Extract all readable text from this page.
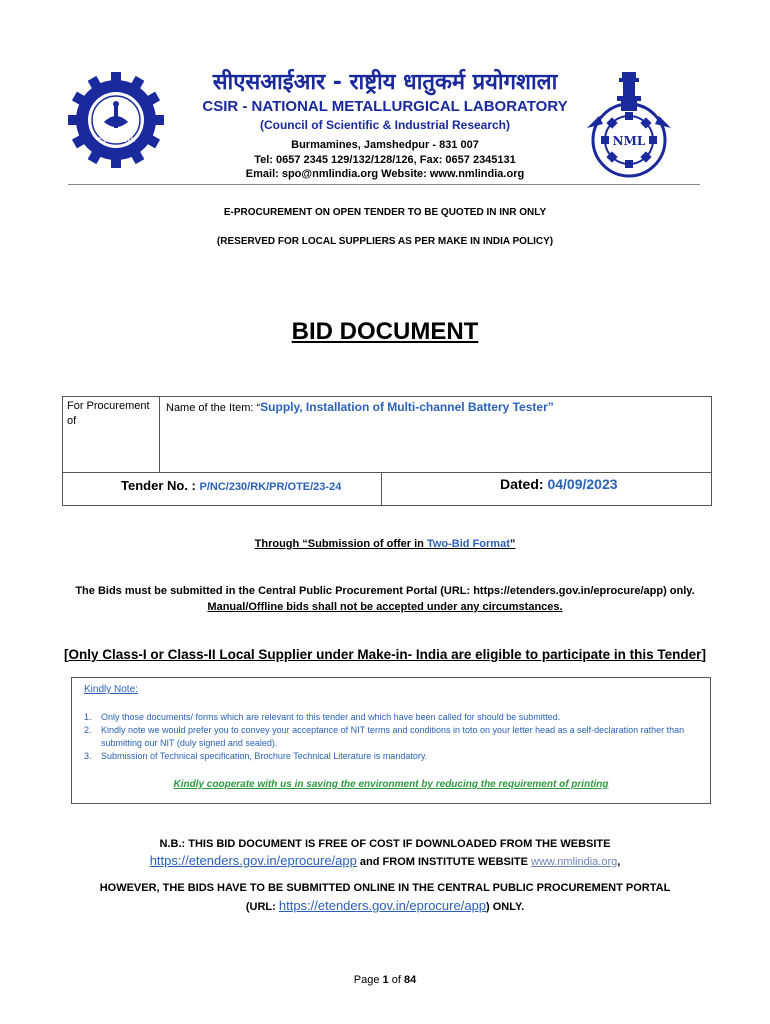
CSIR-INDIA	NML
सीएसआईआर - राष्ट्रीय धातुकर्म प्रयोगशाला
CSIR - NATIONAL METALLURGICAL LABORATORY
(Council of Scientific & Industrial Research)
Burmamines, Jamshedpur - 831 007
Tel: 0657 2345 129/132/128/126, Fax: 0657 2345131
Email: spo@nmlindia.org Website: www.nmlindia.org
E-PROCUREMENT ON OPEN TENDER TO BE QUOTED IN INR ONLY
(RESERVED FOR LOCAL SUPPLIERS AS PER MAKE IN INDIA POLICY)
BID DOCUMENT
For Procurement of
Name of the Item: “Supply, Installation of Multi-channel Battery Tester”
Tender No. : P/NC/230/RK/PR/OTE/23-24	Dated: 04/09/2023
Through “Submission of offer in Two-Bid Format”
The Bids must be submitted in the Central Public Procurement Portal (URL: https://etenders.gov.in/eprocure/app) only.
Manual/Offline bids shall not be accepted under any circumstances.
[Only Class-I or Class-II Local Supplier under Make-in- India are eligible to participate in this Tender]
Kindly Note:
1. Only those documents/ forms which are relevant to this tender and which have been called for should be submitted.
2. Kindly note we would prefer you to convey your acceptance of NIT terms and conditions in toto on your letter head as a self-declaration rather than submitting our NIT (duly signed and sealed).
3. Submission of Technical specification, Brochure Technical Literature is mandatory.
Kindly cooperate with us in saving the environment by reducing the requirement of printing
N.B.: THIS BID DOCUMENT IS FREE OF COST IF DOWNLOADED FROM THE WEBSITE
https://etenders.gov.in/eprocure/app and FROM INSTITUTE WEBSITE www.nmlindia.org,
HOWEVER, THE BIDS HAVE TO BE SUBMITTED ONLINE IN THE CENTRAL PUBLIC PROCUREMENT PORTAL
(URL: https://etenders.gov.in/eprocure/app) ONLY.
Page 1 of 84
